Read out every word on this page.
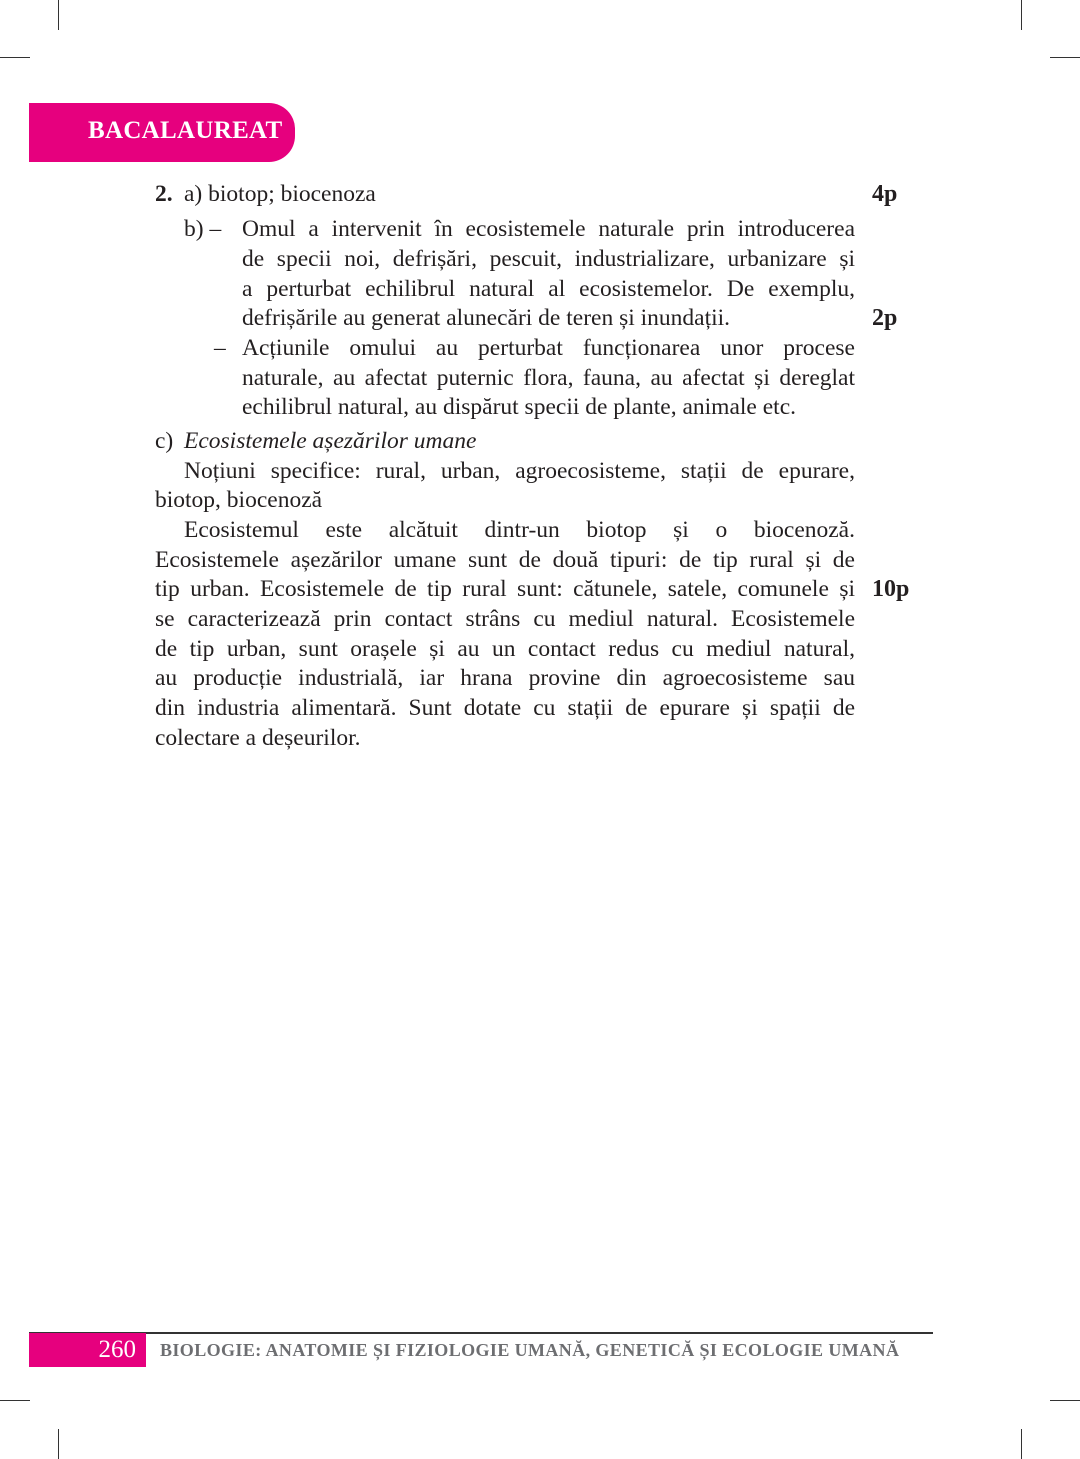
BACALAUREAT
2. a) biotop; biocenoza	4p
b) – Omul a intervenit în ecosistemele naturale prin introducerea
de specii noi, defrișări, pescuit, industrializare, urbanizare și
a perturbat echilibrul natural al ecosistemelor. De exemplu,
defrișările au generat alunecări de teren și inundații.	2p
– Acțiunile omului au perturbat funcționarea unor procese
naturale, au afectat puternic flora, fauna, au afectat și dereglat
echilibrul natural, au dispărut specii de plante, animale etc.
c) Ecosistemele așezărilor umane
Noțiuni specifice: rural, urban, agroecosisteme, stații de epurare,
biotop, biocenoză
Ecosistemul este alcătuit dintr-un biotop și o biocenoză.
Ecosistemele așezărilor umane sunt de două tipuri: de tip rural și de
tip urban. Ecosistemele de tip rural sunt: cătunele, satele, comunele și 10p
se caracterizează prin contact strâns cu mediul natural. Ecosistemele
de tip urban, sunt orașele și au un contact redus cu mediul natural,
au producție industrială, iar hrana provine din agroecosisteme sau
din industria alimentară. Sunt dotate cu stații de epurare și spații de
colectare a deșeurilor.
260 BIOLOGIE: ANATOMIE ȘI FIZIOLOGIE UMANĂ, GENETICĂ ȘI ECOLOGIE UMANĂ
